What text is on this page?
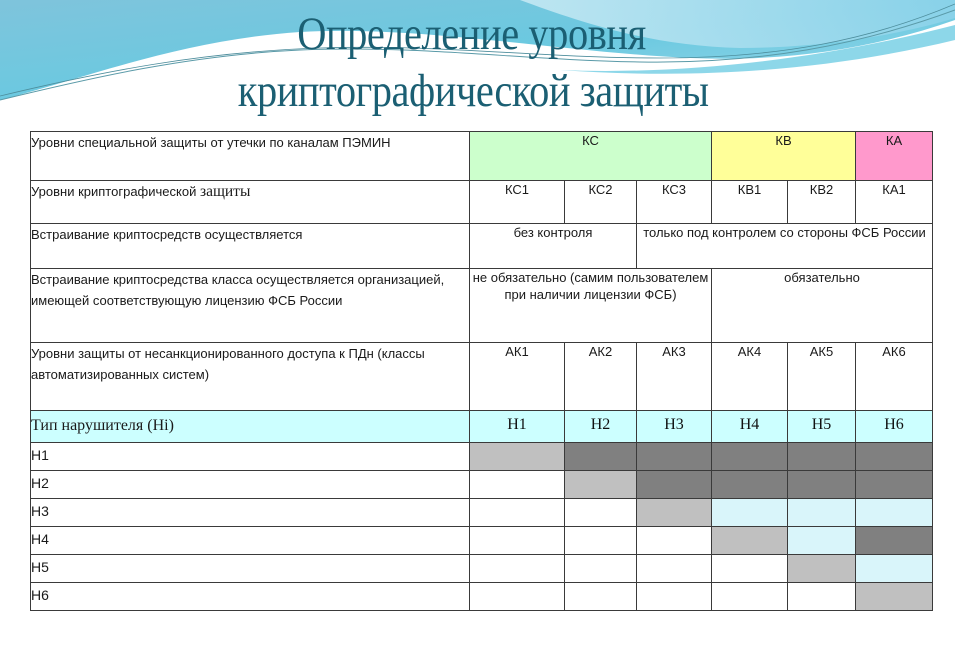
Определение уровня
криптографической защиты
Уровни специальной защиты от утечки по каналам ПЭМИН	КС			КВ		КА
Уровни криптографической защиты	КС1	КС2	КС3	КВ1	КВ2	КА1
Встраивание криптосредств осуществляется	без контроля		только под контролем со стороны ФСБ России			
Встраивание криптосредства класса осуществляется организацией, имеющей соответствующую лицензию ФСБ России	не обязательно (самим пользователем при наличии лицензии ФСБ)			обязательно		
Уровни защиты от несанкционированного доступа к ПДн (классы автоматизированных систем)	АК1	АК2	АК3	АК4	АК5	АК6
Тип нарушителя (Hi)	Н1	Н2	Н3	Н4	Н5	Н6
Н1						
Н2						
Н3						
Н4						
Н5						
Н6						
